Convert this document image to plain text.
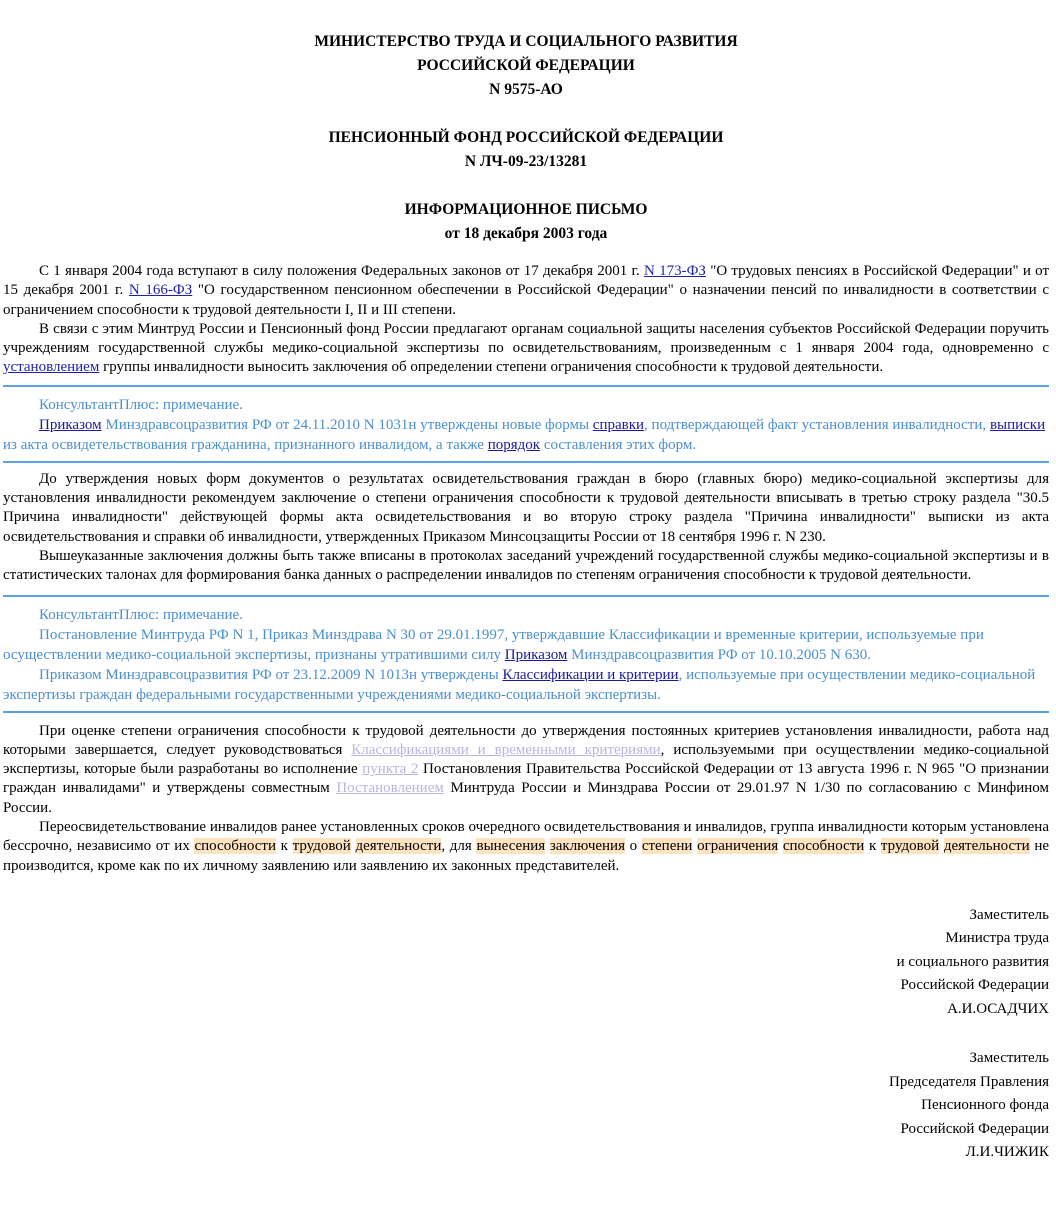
МИНИСТЕРСТВО ТРУДА И СОЦИАЛЬНОГО РАЗВИТИЯ
РОССИЙСКОЙ ФЕДЕРАЦИИ
N 9575-АО
ПЕНСИОННЫЙ ФОНД РОССИЙСКОЙ ФЕДЕРАЦИИ
N ЛЧ-09-23/13281
ИНФОРМАЦИОННОЕ ПИСЬМО
от 18 декабря 2003 года

С 1 января 2004 года вступают в силу положения Федеральных законов от 17 декабря 2001 г. N 173-ФЗ "О трудовых пенсиях в Российской Федерации" и от 15 декабря 2001 г. N 166-ФЗ "О государственном пенсионном обеспечении в Российской Федерации" о назначении пенсий по инвалидности в соответствии с ограничением способности к трудовой деятельности I, II и III степени.

В связи с этим Минтруд России и Пенсионный фонд России предлагают органам социальной защиты населения субъектов Российской Федерации поручить учреждениям государственной службы медико-социальной экспертизы по освидетельствованиям, произведенным с 1 января 2004 года, одновременно с установлением группы инвалидности выносить заключения об определении степени ограничения способности к трудовой деятельности.

КонсультантПлюс: примечание.

Приказом Минздравсоцразвития РФ от 24.11.2010 N 1031н утверждены новые формы справки, подтверждающей факт установления инвалидности, выписки из акта освидетельствования гражданина, признанного инвалидом, а также порядок составления этих форм.

До утверждения новых форм документов о результатах освидетельствования граждан в бюро (главных бюро) медико-социальной экспертизы для установления инвалидности рекомендуем заключение о степени ограничения способности к трудовой деятельности вписывать в третью строку раздела "30.5 Причина инвалидности" действующей формы акта освидетельствования и во вторую строку раздела "Причина инвалидности" выписки из акта освидетельствования и справки об инвалидности, утвержденных Приказом Минсоцзащиты России от 18 сентября 1996 г. N 230.

Вышеуказанные заключения должны быть также вписаны в протоколах заседаний учреждений государственной службы медико-социальной экспертизы и в статистических талонах для формирования банка данных о распределении инвалидов по степеням ограничения способности к трудовой деятельности.

КонсультантПлюс: примечание.

Постановление Минтруда РФ N 1, Приказ Минздрава N 30 от 29.01.1997, утверждавшие Классификации и временные критерии, используемые при осуществлении медико-социальной экспертизы, признаны утратившими силу Приказом Минздравсоцразвития РФ от 10.10.2005 N 630.

Приказом Минздравсоцразвития РФ от 23.12.2009 N 1013н утверждены Классификации и критерии, используемые при осуществлении медико-социальной экспертизы граждан федеральными государственными учреждениями медико-социальной экспертизы.

При оценке степени ограничения способности к трудовой деятельности до утверждения постоянных критериев установления инвалидности, работа над которыми завершается, следует руководствоваться Классификациями и временными критериями, используемыми при осуществлении медико-социальной экспертизы, которые были разработаны во исполнение пункта 2 Постановления Правительства Российской Федерации от 13 августа 1996 г. N 965 "О признании граждан инвалидами" и утверждены совместным Постановлением Минтруда России и Минздрава России от 29.01.97 N 1/30 по согласованию с Минфином России.

Переосвидетельствование инвалидов ранее установленных сроков очередного освидетельствования и инвалидов, группа инвалидности которым установлена бессрочно, независимо от их способности к трудовой деятельности, для вынесения заключения о степени ограничения способности к трудовой деятельности не производится, кроме как по их личному заявлению или заявлению их законных представителей.

Заместитель
Министра труда
и социального развития
Российской Федерации
А.И.ОСАДЧИХ
Заместитель
Председателя Правления
Пенсионного фонда
Российской Федерации
Л.И.ЧИЖИК
